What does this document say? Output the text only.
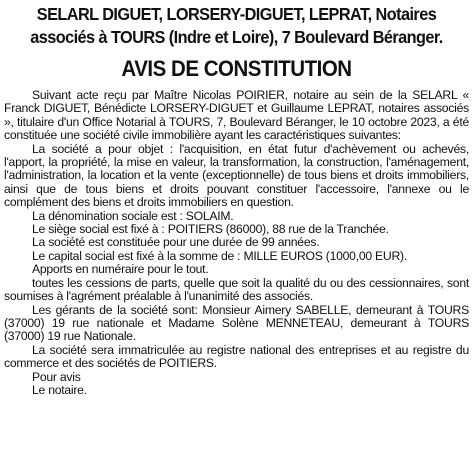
SELARL DIGUET, LORSERY-DIGUET, LEPRAT, Notaires
associés à TOURS (Indre et Loire), 7 Boulevard Béranger.
AVIS DE CONSTITUTION

Suivant acte reçu par Maître Nicolas POIRIER, notaire au sein de la SELARL « Franck DIGUET, Bénédicte LORSERY-DIGUET et Guillaume LEPRAT, notaires associés », titulaire d'un Office Notarial à TOURS, 7, Boulevard Béranger, le 10 octobre 2023, a été constituée une société civile immobilière ayant les caractéristiques suivantes:

La société a pour objet : l'acquisition, en état futur d'achèvement ou achevés, l'apport, la propriété, la mise en valeur, la transformation, la construction, l'aménagement, l'administration, la location et la vente (exceptionnelle) de tous biens et droits immobiliers, ainsi que de tous biens et droits pouvant constituer l'accessoire, l'annexe ou le complément des biens et droits immobiliers en question.

La dénomination sociale est : SOLAIM.

Le siège social est fixé à : POITIERS (86000), 88 rue de la Tranchée.

La société est constituée pour une durée de 99 années.

Le capital social est fixé à la somme de : MILLE EUROS (1000,00 EUR).

Apports en numéraire pour le tout.

toutes les cessions de parts, quelle que soit la qualité du ou des cessionnaires, sont soumises à l'agrément préalable à l'unanimité des associés.

Les gérants de la société sont: Monsieur Aimery SABELLE, demeurant à TOURS (37000) 19 rue nationale et Madame Solène MENNETEAU, demeurant à TOURS (37000) 19 rue Nationale.

La société sera immatriculée au registre national des entreprises et au registre du commerce et des sociétés de POITIERS.

Pour avis

Le notaire.
